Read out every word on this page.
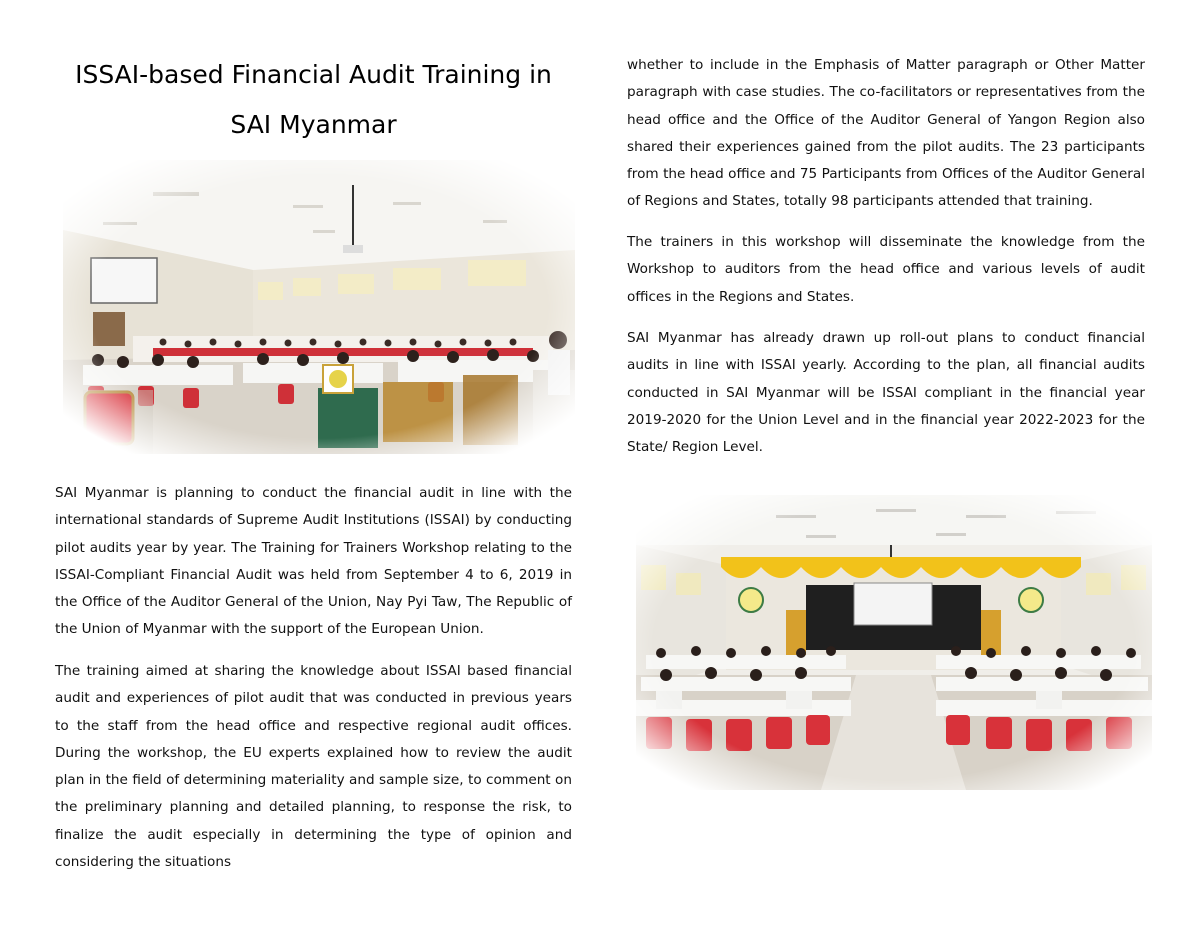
ISSAI-based Financial Audit Training in SAI Myanmar

SAI Myanmar is planning to conduct the financial audit in line with the international standards of Supreme Audit Institutions (ISSAI) by conducting pilot audits year by year. The Training for Trainers Workshop relating to the ISSAI-Compliant Financial Audit was held from September 4 to 6, 2019 in the Office of the Auditor General of the Union, Nay Pyi Taw, The Republic of the Union of Myanmar with the support of the European Union.

The training aimed at sharing the knowledge about ISSAI based financial audit and experiences of pilot audit that was conducted in previous years to the staff from the head office and respective regional audit offices. During the workshop, the EU experts explained how to review the audit plan in the field of determining materiality and sample size, to comment on the preliminary planning and detailed planning, to response the risk, to finalize the audit especially in determining the type of opinion and considering the situations

whether to include in the Emphasis of Matter paragraph or Other Matter paragraph with case studies. The co-facilitators or representatives from the head office and the Office of the Auditor General of Yangon Region also shared their experiences gained from the pilot audits. The 23 participants from the head office and 75 Participants from Offices of the Auditor General of Regions and States, totally 98 participants attended that training.

The trainers in this workshop will disseminate the knowledge from the Workshop to auditors from the head office and various levels of audit offices in the Regions and States.

SAI Myanmar has already drawn up roll-out plans to conduct financial audits in line with ISSAI yearly. According to the plan, all financial audits conducted in SAI Myanmar will be ISSAI compliant in the financial year 2019-2020 for the Union Level and in the financial year 2022-2023 for the State/ Region Level.
